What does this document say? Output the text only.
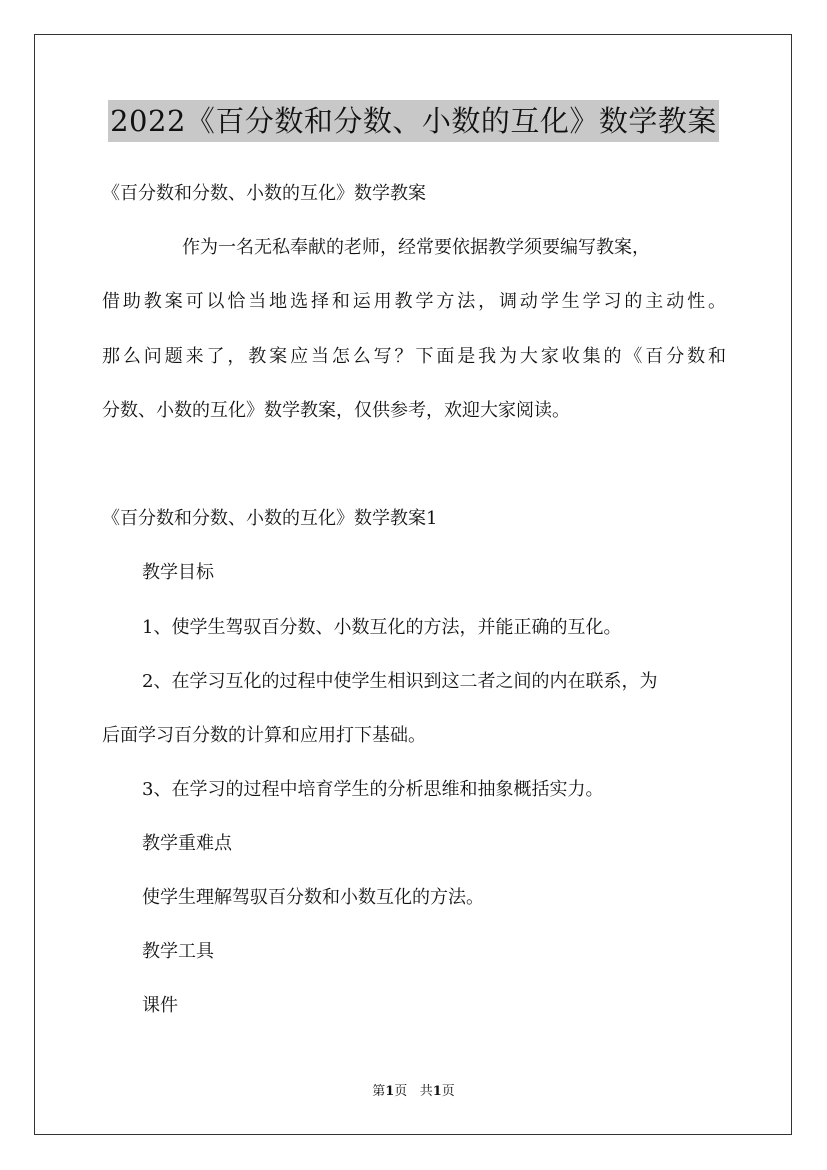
2022《百分数和分数、小数的互化》数学教案
《百分数和分数、小数的互化》数学教案
作为一名无私奉献的老师，经常要依据教学须要编写教案，
借助教案可以恰当地选择和运用教学方法，调动学生学习的主动性。
那么问题来了，教案应当怎么写？下面是我为大家收集的《百分数和
分数、小数的互化》数学教案，仅供参考，欢迎大家阅读。
《百分数和分数、小数的互化》数学教案1
教学目标
1、使学生驾驭百分数、小数互化的方法，并能正确的互化。
2、在学习互化的过程中使学生相识到这二者之间的内在联系，为
后面学习百分数的计算和应用打下基础。
3、在学习的过程中培育学生的分析思维和抽象概括实力。
教学重难点
使学生理解驾驭百分数和小数互化的方法。
教学工具
课件
第1页 共1页
